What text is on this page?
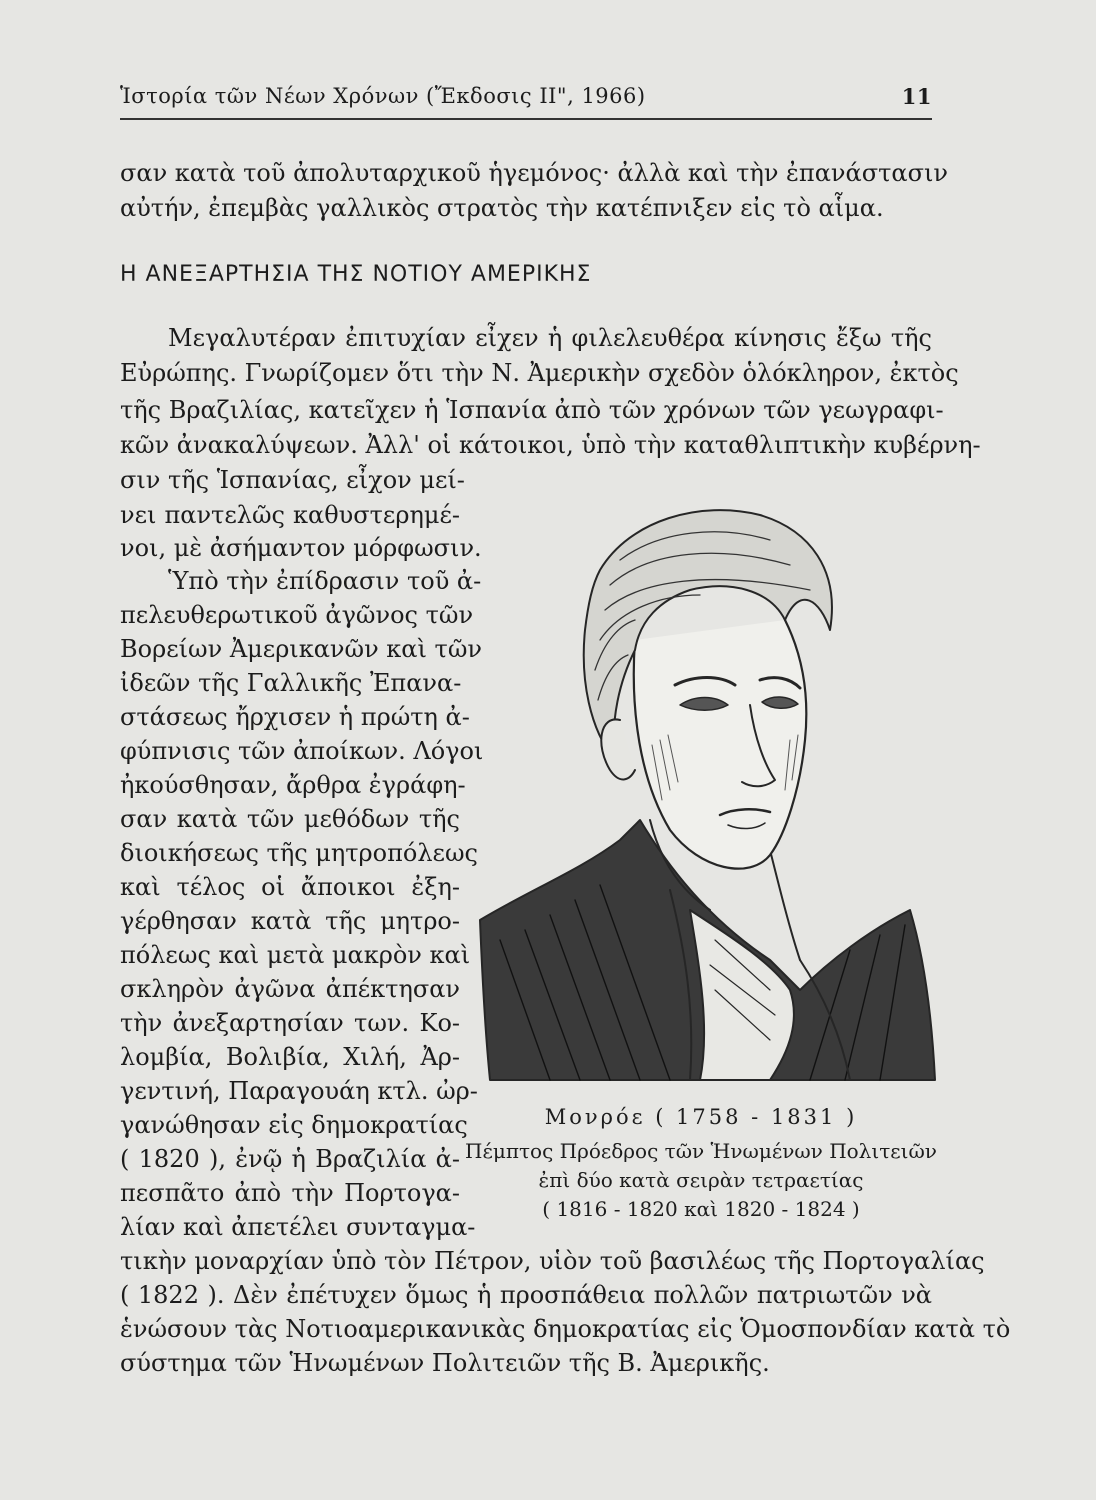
Ἱστορία τῶν Νέων Χρόνων (Ἔκδοσις ΙΙ", 1966)	11
σαν κατὰ τοῦ ἀπολυταρχικοῦ ἡγεμόνος· ἀλλὰ καὶ τὴν ἐπανάστασιν
αὐτήν, ἐπεμβὰς γαλλικὸς στρατὸς τὴν κατέπνιξεν εἰς τὸ αἷμα.
Η ΑΝΕΞΑΡΤΗΣΙΑ ΤΗΣ ΝΟΤΙΟΥ ΑΜΕΡΙΚΗΣ
Μεγαλυτέραν ἐπιτυχίαν εἶχεν ἡ φιλελευθέρα κίνησις ἔξω τῆς
Εὐρώπης. Γνωρίζομεν ὅτι τὴν Ν. Ἀμερικὴν σχεδὸν ὁλόκληρον, ἐκτὸς
τῆς Βραζιλίας, κατεῖχεν ἡ Ἱσπανία ἀπὸ τῶν χρόνων τῶν γεωγραφι-
κῶν ἀνακαλύψεων. Ἀλλ' οἱ κάτοικοι, ὑπὸ τὴν καταθλιπτικὴν κυβέρνη-
σιν τῆς Ἱσπανίας, εἶχον μεί-
νει παντελῶς καθυστερημέ-
νοι, μὲ ἀσήμαντον μόρφωσιν.
Ὑπὸ τὴν ἐπίδρασιν τοῦ ἀ-
πελευθερωτικοῦ ἀγῶνος τῶν
Βορείων Ἀμερικανῶν καὶ τῶν
ἰδεῶν τῆς Γαλλικῆς Ἐπανα-
στάσεως ἤρχισεν ἡ πρώτη ἀ-
φύπνισις τῶν ἀποίκων. Λόγοι
ἠκούσθησαν, ἄρθρα ἐγράφη-
σαν κατὰ τῶν μεθόδων τῆς
διοικήσεως τῆς μητροπόλεως
καὶ τέλος οἱ ἄποικοι ἐξη-
γέρθησαν κατὰ τῆς μητρο-
πόλεως καὶ μετὰ μακρὸν καὶ
σκληρὸν ἀγῶνα ἀπέκτησαν
τὴν ἀνεξαρτησίαν των. Κο-
λομβία, Βολιβία, Χιλή, Ἀρ-
γεντινή, Παραγουάη κτλ. ὠρ-
γανώθησαν εἰς δημοκρατίας
( 1820 ), ἐνῷ ἡ Βραζιλία ἀ-
πεσπᾶτο ἀπὸ τὴν Πορτογα-
λίαν καὶ ἀπετέλει συνταγμα-
τικὴν μοναρχίαν ὑπὸ τὸν Πέτρον, υἱὸν τοῦ βασιλέως τῆς Πορτογαλίας
( 1822 ). Δὲν ἐπέτυχεν ὅμως ἡ προσπάθεια πολλῶν πατριωτῶν νὰ
ἑνώσουν τὰς Νοτιοαμερικανικὰς δημοκρατίας εἰς Ὁμοσπονδίαν κατὰ τὸ
σύστημα τῶν Ἡνωμένων Πολιτειῶν τῆς Β. Ἀμερικῆς.
Μονρόε ( 1758 - 1831 )
Πέμπτος Πρόεδρος τῶν Ἡνωμένων Πολιτειῶν
ἐπὶ δύο κατὰ σειρὰν τετραετίας
( 1816 - 1820 καὶ 1820 - 1824 )
